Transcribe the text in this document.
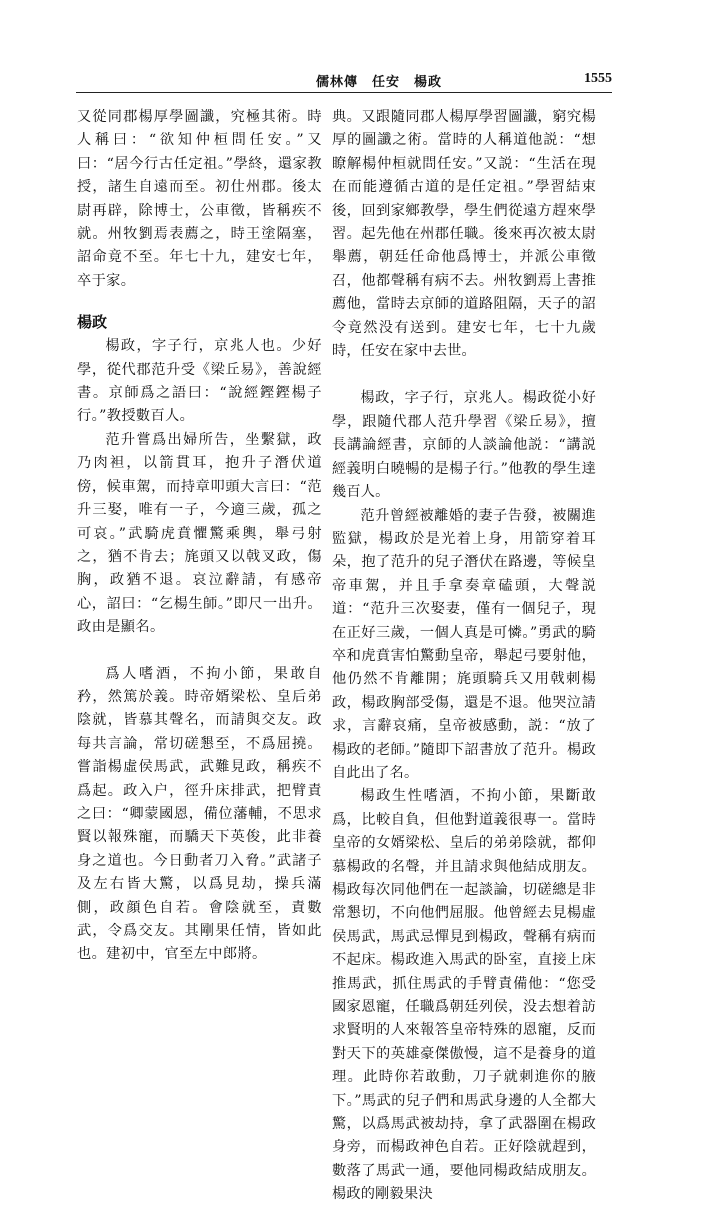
儒林傳　任安　楊政	1555

又從同郡楊厚學圖讖，究極其術。時人稱曰：“欲知仲桓問任安。”又曰：“居今行古任定祖。”學終，還家教授，諸生自遠而至。初仕州郡。後太尉再辟，除博士，公車徵，皆稱疾不就。州牧劉焉表薦之，時王塗隔塞，詔命竟不至。年七十九，建安七年，卒于家。

楊政

楊政，字子行，京兆人也。少好學，從代郡范升受《梁丘易》，善說經書。京師爲之語曰：“說經鏗鏗楊子行。”教授數百人。

范升嘗爲出婦所告，坐繫獄，政乃肉袒，以箭貫耳，抱升子潛伏道傍，候車駕，而持章叩頭大言曰：“范升三娶，唯有一子，今適三歲，孤之可哀。”武騎虎賁懼驚乘輿，舉弓射之，猶不肯去；旄頭又以戟叉政，傷胸，政猶不退。哀泣辭請，有感帝心，詔曰：“乞楊生師。”即尺一出升。政由是顯名。

爲人嗜酒，不拘小節，果敢自矜，然篤於義。時帝婿梁松、皇后弟陰就，皆慕其聲名，而請與交友。政每共言論，常切磋懇至，不爲屈撓。嘗詣楊虛侯馬武，武難見政，稱疾不爲起。政入户，徑升床排武，把臂責之曰：“卿蒙國恩，備位藩輔，不思求賢以報殊寵，而驕天下英俊，此非養身之道也。今日動者刀入脅。”武諸子及左右皆大驚，以爲見劫，操兵滿側，政顔色自若。會陰就至，責數武，令爲交友。其剛果任情，皆如此也。建初中，官至左中郎將。

典。又跟隨同郡人楊厚學習圖讖，窮究楊厚的圖讖之術。當時的人稱道他説：“想瞭解楊仲桓就問任安。”又説：“生活在現在而能遵循古道的是任定祖。”學習結束後，回到家鄉教學，學生們從遠方趕來學習。起先他在州郡任職。後來再次被太尉舉薦，朝廷任命他爲博士，并派公車徵召，他都聲稱有病不去。州牧劉焉上書推薦他，當時去京師的道路阻隔，天子的詔令竟然没有送到。建安七年，七十九歲時，任安在家中去世。

楊政，字子行，京兆人。楊政從小好學，跟隨代郡人范升學習《梁丘易》，擅長講論經書，京師的人談論他説：“講説經義明白曉暢的是楊子行。”他教的學生達幾百人。

范升曾經被離婚的妻子告發，被關進監獄，楊政於是光着上身，用箭穿着耳朵，抱了范升的兒子潛伏在路邊，等候皇帝車駕，并且手拿奏章磕頭，大聲説道：“范升三次娶妻，僅有一個兒子，現在正好三歲，一個人真是可憐。”勇武的騎卒和虎賁害怕驚動皇帝，舉起弓要射他，他仍然不肯離開；旄頭騎兵又用戟刺楊政，楊政胸部受傷，還是不退。他哭泣請求，言辭哀痛，皇帝被感動，説：“放了楊政的老師。”隨即下詔書放了范升。楊政自此出了名。

楊政生性嗜酒，不拘小節，果斷敢爲，比較自負，但他對道義很專一。當時皇帝的女婿梁松、皇后的弟弟陰就，都仰慕楊政的名聲，并且請求與他結成朋友。楊政每次同他們在一起談論，切磋總是非常懇切，不向他們屈服。他曾經去見楊虛侯馬武，馬武忌憚見到楊政，聲稱有病而不起床。楊政進入馬武的卧室，直接上床推馬武，抓住馬武的手臂責備他：“您受國家恩寵，任職爲朝廷列侯，没去想着訪求賢明的人來報答皇帝特殊的恩寵，反而對天下的英雄豪傑傲慢，這不是養身的道理。此時你若敢動，刀子就刺進你的腋下。”馬武的兒子們和馬武身邊的人全都大驚，以爲馬武被劫持，拿了武器圍在楊政身旁，而楊政神色自若。正好陰就趕到，數落了馬武一通，要他同楊政結成朋友。楊政的剛毅果決
